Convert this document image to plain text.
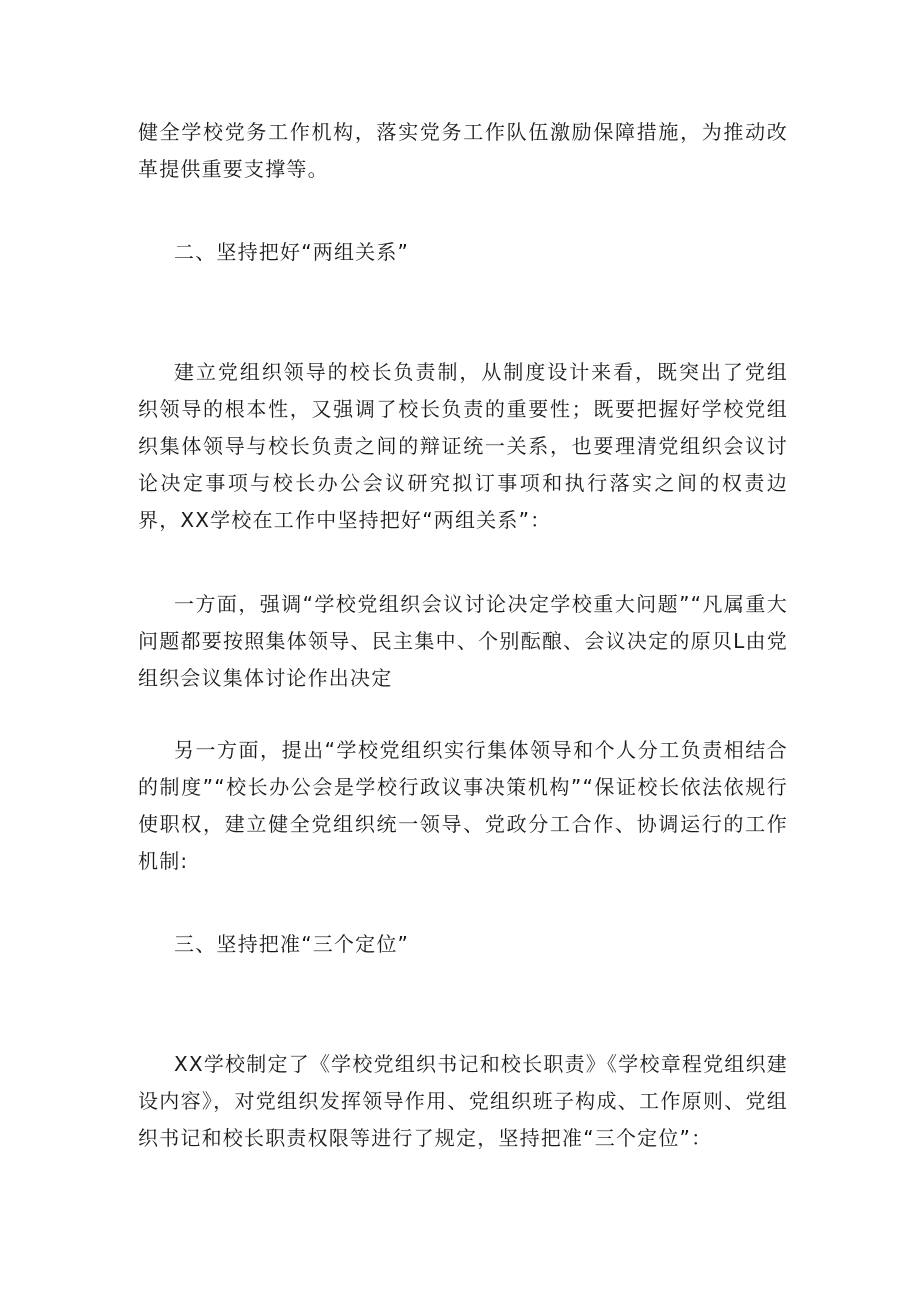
健全学校党务工作机构，落实党务工作队伍激励保障措施，为推动改革提供重要支撑等。

二、坚持把好“两组关系”

建立党组织领导的校长负责制，从制度设计来看，既突出了党组织领导的根本性，又强调了校长负责的重要性；既要把握好学校党组织集体领导与校长负责之间的辩证统一关系，也要理清党组织会议讨论决定事项与校长办公会议研究拟订事项和执行落实之间的权责边界，XX学校在工作中坚持把好“两组关系”：

一方面，强调“学校党组织会议讨论决定学校重大问题”“凡属重大问题都要按照集体领导、民主集中、个别酝酿、会议决定的原贝L由党组织会议集体讨论作出决定

另一方面，提出“学校党组织实行集体领导和个人分工负责相结合的制度”“校长办公会是学校行政议事决策机构”“保证校长依法依规行使职权，建立健全党组织统一领导、党政分工合作、协调运行的工作机制:

三、坚持把准“三个定位”

XX学校制定了《学校党组织书记和校长职责》《学校章程党组织建设内容》，对党组织发挥领导作用、党组织班子构成、工作原则、党组织书记和校长职责权限等进行了规定，坚持把准“三个定位”：
